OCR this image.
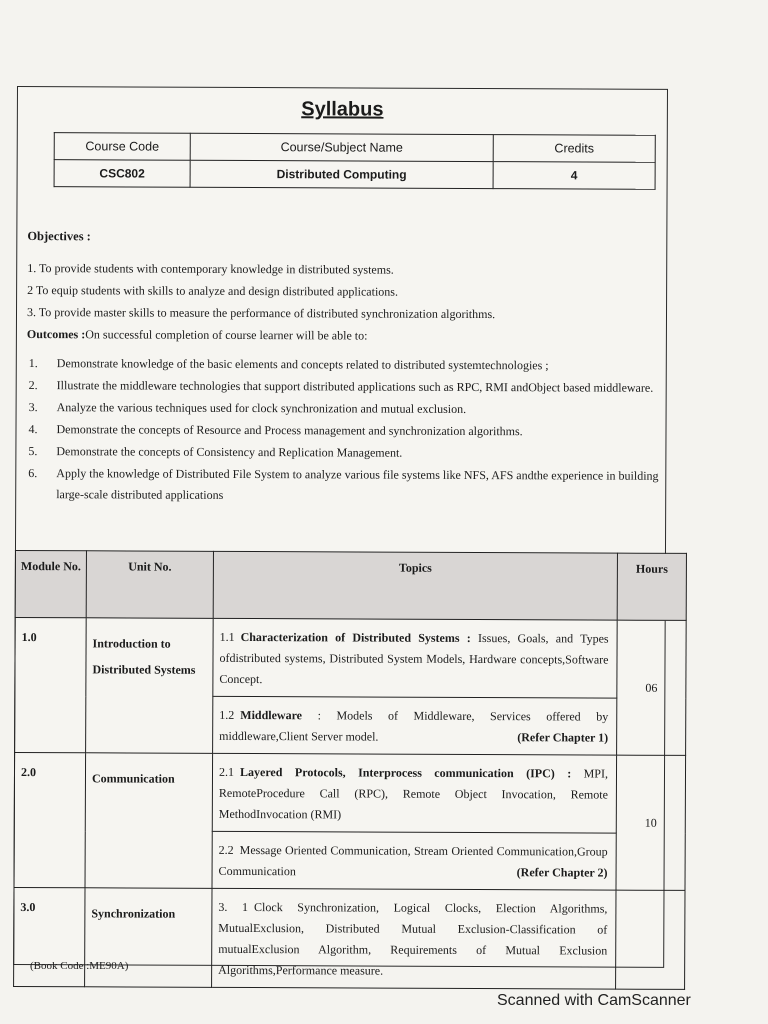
Syllabus
Course Code	Course/Subject Name	Credits
CSC802	Distributed Computing	4
Objectives :
1. To provide students with contemporary knowledge in distributed systems.
2 To equip students with skills to analyze and design distributed applications.
3. To provide master skills to measure the performance of distributed synchronization algorithms.
Outcomes :On successful completion of course learner will be able to:
1.	Demonstrate knowledge of the basic elements and concepts related to distributed systemtechnologies ;
2.	Illustrate the middleware technologies that support distributed applications such as RPC, RMI andObject based middleware.
3.	Analyze the various techniques used for clock synchronization and mutual exclusion.
4.	Demonstrate the concepts of Resource and Process management and synchronization algorithms.
5.	Demonstrate the concepts of Consistency and Replication Management.
6.	Apply the knowledge of Distributed File System to analyze various file systems like NFS, AFS andthe experience in building large-scale distributed applications
Module No.	Unit No.	Topics	Hours
1.0	Introduction to Distributed Systems	1.1 Characterization of Distributed Systems : Issues, Goals, and Types ofdistributed systems, Distributed System Models, Hardware concepts,Software Concept.	06
		1.2 Middleware : Models of Middleware, Services offered by middleware,Client Server model. (Refer Chapter 1)	

2.0	Communication	2.1 Layered Protocols, Interprocess communication (IPC) : MPI, RemoteProcedure Call (RPC), Remote Object Invocation, Remote MethodInvocation (RMI)	10
		2.2 Message Oriented Communication, Stream Oriented Communication,Group Communication (Refer Chapter 2)	

3.0	Synchronization	3. 1 Clock Synchronization, Logical Clocks, Election Algorithms, MutualExclusion, Distributed Mutual Exclusion-Classification of mutualExclusion Algorithm, Requirements of Mutual Exclusion Algorithms,Performance measure.	
(Book Code :ME90A)
Scanned with CamScanner
